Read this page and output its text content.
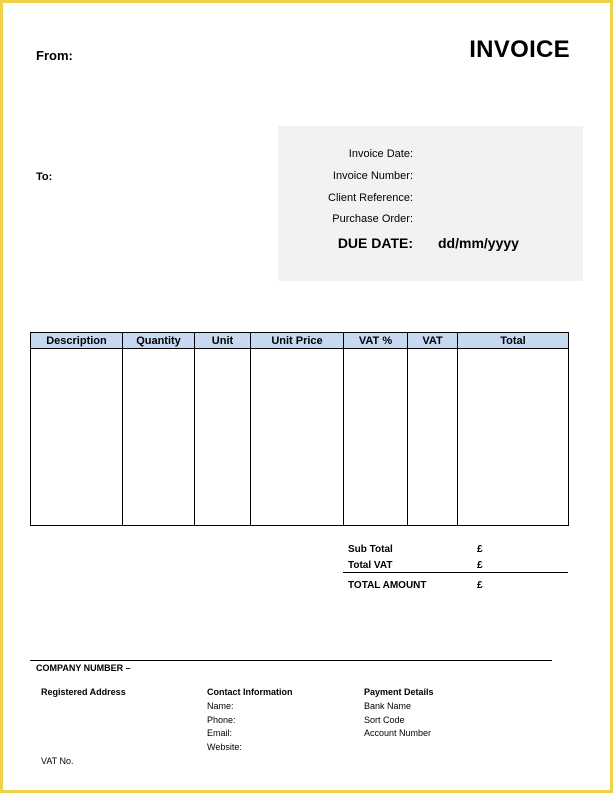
From:	INVOICE
To:
Invoice Date:
Invoice Number:
Client Reference:
Purchase Order:
DUE DATE: dd/mm/yyyy
Description	Quantity	Unit	Unit Price	VAT %	VAT	Total

Sub Total	£
Total VAT	£
TOTAL AMOUNT	£
COMPANY NUMBER –
Registered Address	Contact Information
Name:
Phone:
Email:
Website:
Payment Details
Bank Name
Sort Code
Account Number
VAT No.
